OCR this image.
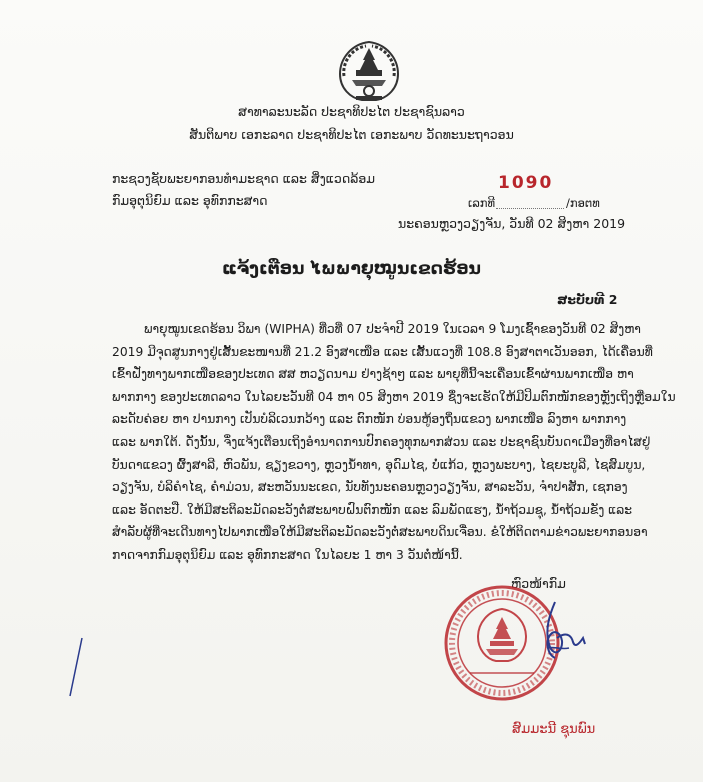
ສາທາລະນະລັດ ປະຊາທິປະໄຕ ປະຊາຊົນລາວ
ສັນຕິພາບ ເອກະລາດ ປະຊາທິປະໄຕ ເອກະພາບ ວັດທະນະຖາວອນ
ກະຊວງຊັບພະຍາກອນທຳມະຊາດ ແລະ ສິ່ງແວດລ້ອມ
ກົມອຸຕຸນິຍົມ ແລະ ອຸທົກກະສາດ
1090
ເລກທີ	/ກອຕທ
ນະຄອນຫຼວງວຽງຈັນ, ວັນທີ 02 ສິງຫາ 2019
ແຈ້ງເຕືອນ ໄພພາຍຸໝູນເຂດຮ້ອນ
ສະບັບທີ 2
ພາຍຸໝູນເຂດຮ້ອນ ວິພາ (WIPHA) ທີ່ວທີ່ 07 ປະຈໍາປີ 2019 ໃນເວລາ 9 ໂມງເຊົ້າຂອງວັນທີ 02 ສິງຫາ
2019 ມີຈຸດສູນກາງຢູ່ເສັ້ນຂະໜານທີ່ 21.2 ອົງສາເໜືອ ແລະ ເສັ້ນແວງທີ່ 108.8 ອົງສາຕາເວັນອອກ, ໄດ້ເຄື່ອນທີ່
ເຂົ້າຝັ່ງທາງພາກເໜືອຂອງປະເທດ ສສ ຫວຽດນາມ ຢ່າງຊ້າໆ ແລະ ພາຍຸທີ່ນີ້ຈະເຄື່ອນເຂົ້າຜ່ານພາກເໜືອ ຫາ
ພາກກາງ ຂອງປະເທດລາວ ໃນໄລຍະວັນທີ 04 ຫາ 05 ສິງຫາ 2019 ຊຶ່ງຈະເຮັດໃຫ້ມີປິມຕົກໜັກຂອງຫຼັງເຖິງຫຼີ່ອມໃນ
ລະດັບຄ່ອຍ ຫາ ປານກາງ ເປັນບໍລິເວນກວ້າງ ແລະ ຕົກໜັກ ບ່ອນຫູ້ອງຖິ່ນແຂວງ ພາກເໜືອ ລົງຫາ ພາກກາງ
ແລະ ພາກໃຕ້. ດັ່ງນັ້ນ, ຈຶ່ງແຈ້ງເຕືອນເຖິງອໍານາດການປົກຄອງທຸກພາກສ່ວນ ແລະ ປະຊາຊົນບັນດາເມືອງທີ່ອາໄສຢູ່
ບັນດາແຂວງ ຜົ້ງສາລີ, ຫົວພັນ, ຊຽງຂວາງ, ຫຼວງນ້ຳທາ, ອຸດົມໄຊ, ບໍ່ແກ້ວ, ຫຼວງພະບາງ, ໄຊຍະບູລີ, ໄຊສົມບູນ,
ວຽງຈັນ, ບໍລິຄໍາໄຊ, ຄໍາມ່ວນ, ສະຫວັນນະເຂດ, ນັບທັງນະຄອນຫຼວງວຽງຈັນ, ສາລະວັນ, ຈໍາປາສັກ, ເຊກອງ
ແລະ ອັດຕະປື. ໃຫ້ມີສະຕິລະມັດລະວັງຕໍ່ສະພາບຝົນຕົກໜັກ ແລະ ລົມພັດແຮງ, ນ້ຳຖ້ວມຊຸ, ນ້ຳຖ້ວມຂັງ ແລະ
ສໍາລັບຜູ້ທີ່ຈະເດີນທາງໄປພາກເໜືອໃຫ້ມີສະຕິລະມັດລະວັງຕໍ່ສະພາບດິນເຈື່ອນ. ຂໍໃຫ້ຕິດຕາມຂ່າວພະຍາກອນອາ
ກາດຈາກກົມອຸຕຸນິຍົມ ແລະ ອຸທົກກະສາດ ໃນໄລຍະ 1 ຫາ 3 ວັນຕໍ່ໜ້ານີ້.
ຫົວໜ້າກົມ
ສົມມະນີ ຊຸນພົນ
